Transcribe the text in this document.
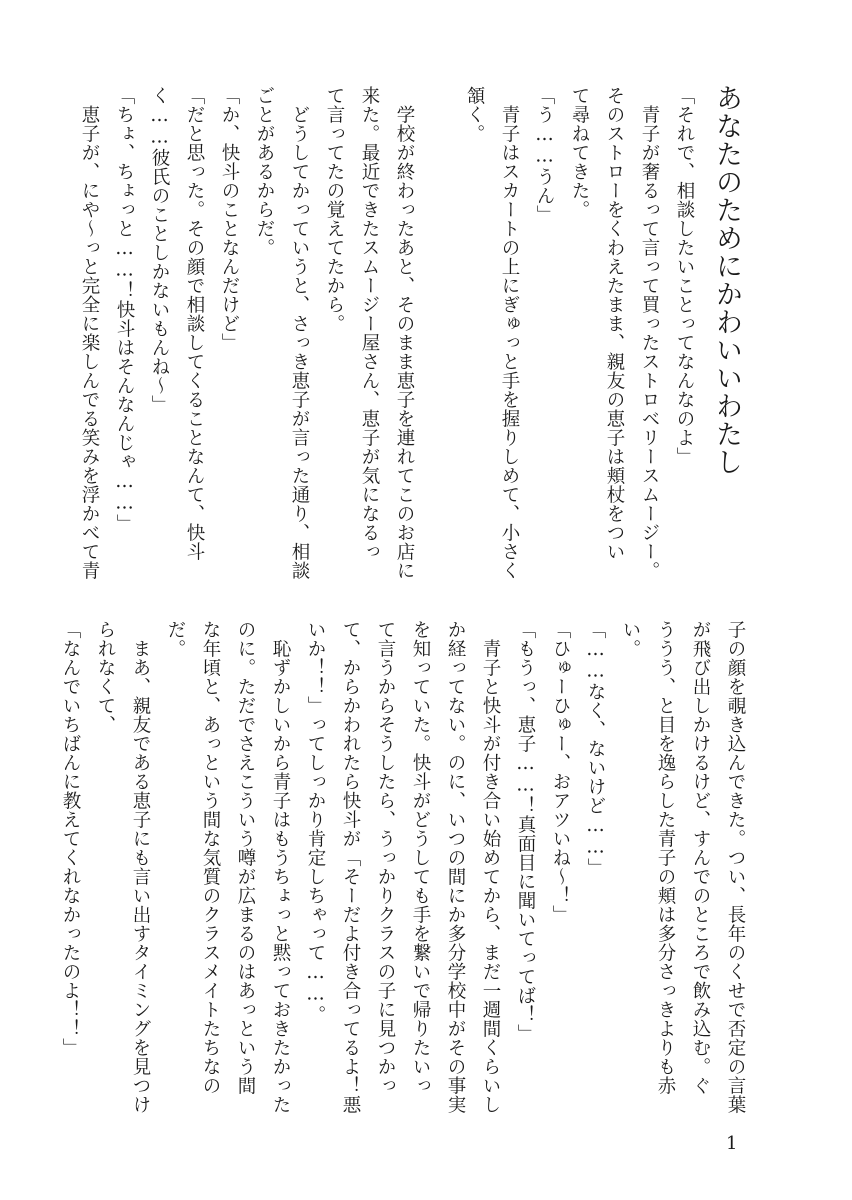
あなたのためにかわいいわたし

「それで、相談したいことってなんなのよ」

青子が奢るって言って買ったストロベリースムージー。

そのストローをくわえたまま、親友の恵子は頬杖をつい

て尋ねてきた。

「う……うん」

青子はスカートの上にぎゅっと手を握りしめて、小さく

頷く。

学校が終わったあと、そのまま恵子を連れてこのお店に

来た。最近できたスムージー屋さん、恵子が気になるっ

て言ってたの覚えてたから。

どうしてかっていうと、さっき恵子が言った通り、相談

ごとがあるからだ。

「か、快斗のことなんだけど」

「だと思った。その顔で相談してくることなんて、快斗

く……彼氏のことしかないもんね～」

「ちょ、ちょっと……！快斗はそんなんじゃ……」

恵子が、にや～っと完全に楽しんでる笑みを浮かべて青

子の顔を覗き込んできた。つい、長年のくせで否定の言葉

が飛び出しかけるけど、すんでのところで飲み込む。ぐ

ううう、と目を逸らした青子の頬は多分さっきよりも赤

い。

「……なく、ないけど……」

「ひゅーひゅー、おアツいね～！」

「もうっ、恵子……！真面目に聞いてってば！」

青子と快斗が付き合い始めてから、まだ一週間くらいし

か経ってない。のに、いつの間にか多分学校中がその事実

を知っていた。快斗がどうしても手を繋いで帰りたいっ

て言うからそうしたら、うっかりクラスの子に見つかっ

て、からかわれたら快斗が「そーだよ付き合ってるよ！悪

いか！！」ってしっかり肯定しちゃって……。

恥ずかしいから青子はもうちょっと黙っておきたかった

のに。ただでさえこういう噂が広まるのはあっという間

な年頃と、あっという間な気質のクラスメイトたちなの

だ。

まあ、親友である恵子にも言い出すタイミングを見つけ

られなくて、

「なんでいちばんに教えてくれなかったのよ！！」

1
